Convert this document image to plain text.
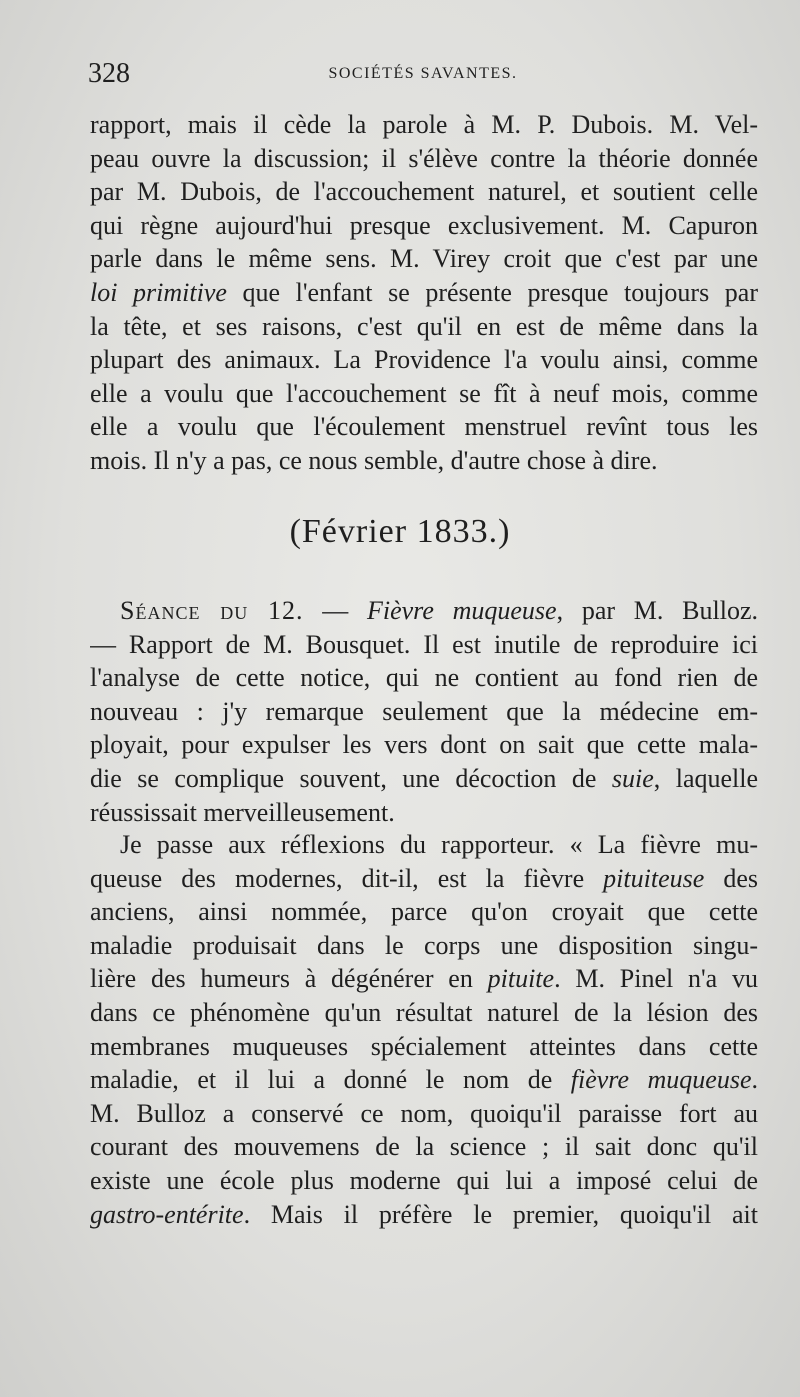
328	SOCIÉTÉS SAVANTES.
rapport, mais il cède la parole à M. P. Dubois. M. Vel-
peau ouvre la discussion; il s'élève contre la théorie donnée
par M. Dubois, de l'accouchement naturel, et soutient celle
qui règne aujourd'hui presque exclusivement. M. Capuron
parle dans le même sens. M. Virey croit que c'est par une
loi primitive que l'enfant se présente presque toujours par
la tête, et ses raisons, c'est qu'il en est de même dans la
plupart des animaux. La Providence l'a voulu ainsi, comme
elle a voulu que l'accouchement se fît à neuf mois, comme
elle a voulu que l'écoulement menstruel revînt tous les
mois. Il n'y a pas, ce nous semble, d'autre chose à dire.
(Février 1833.)
Séance du 12. — Fièvre muqueuse, par M. Bulloz.
— Rapport de M. Bousquet. Il est inutile de reproduire ici
l'analyse de cette notice, qui ne contient au fond rien de
nouveau : j'y remarque seulement que la médecine em-
ployait, pour expulser les vers dont on sait que cette mala-
die se complique souvent, une décoction de suie, laquelle
réussissait merveilleusement.
Je passe aux réflexions du rapporteur. « La fièvre mu-
queuse des modernes, dit-il, est la fièvre pituiteuse des
anciens, ainsi nommée, parce qu'on croyait que cette
maladie produisait dans le corps une disposition singu-
lière des humeurs à dégénérer en pituite. M. Pinel n'a vu
dans ce phénomène qu'un résultat naturel de la lésion des
membranes muqueuses spécialement atteintes dans cette
maladie, et il lui a donné le nom de fièvre muqueuse.
M. Bulloz a conservé ce nom, quoiqu'il paraisse fort au
courant des mouvemens de la science ; il sait donc qu'il
existe une école plus moderne qui lui a imposé celui de
gastro-entérite. Mais il préfère le premier, quoiqu'il ait
